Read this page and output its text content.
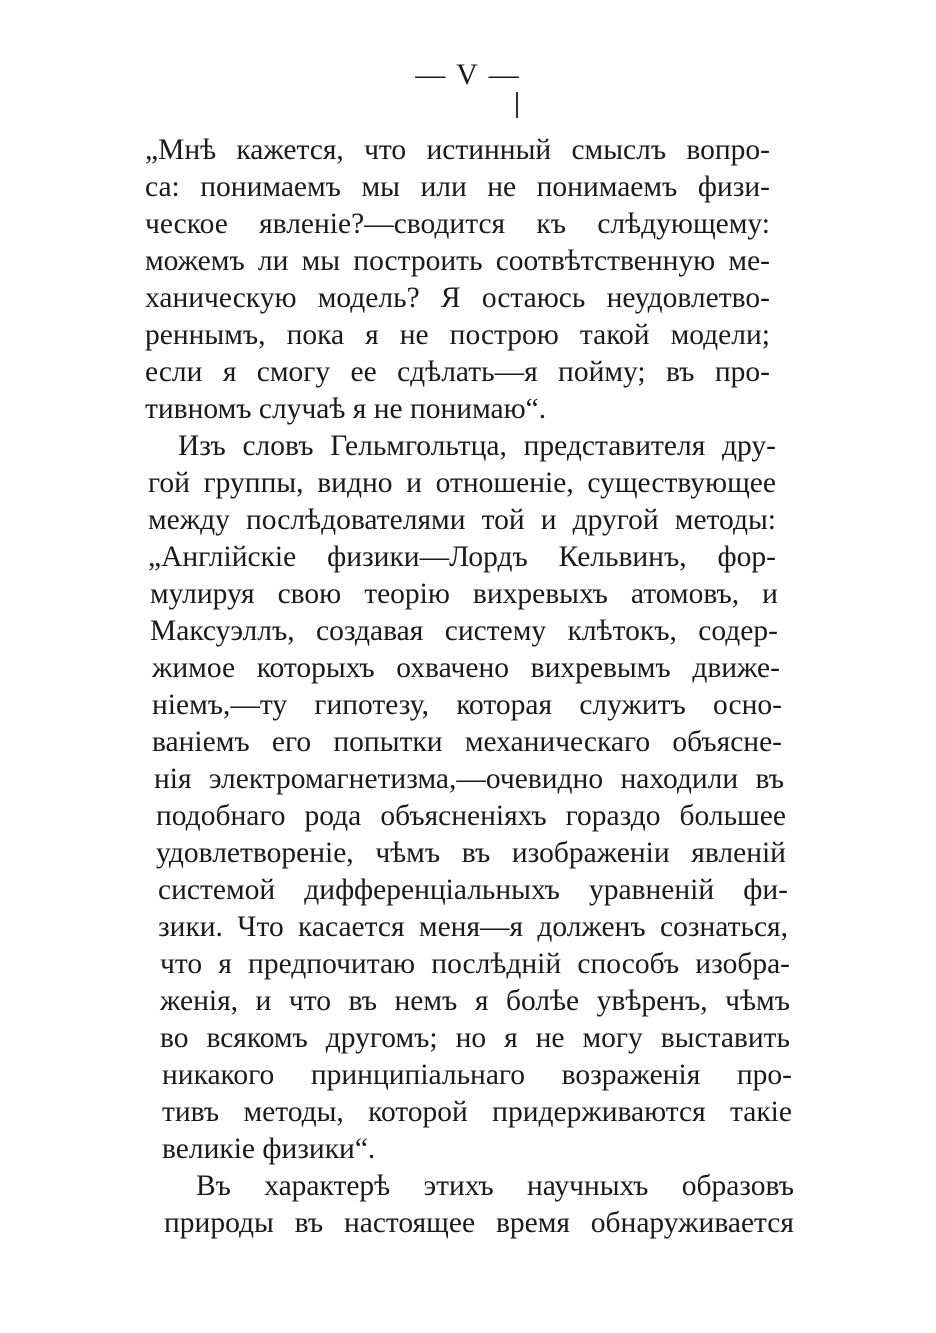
— V —
„Мнѣ кажется, что истинный смыслъ вопро-
са: понимаемъ мы или не понимаемъ физи-
ческое явленіе?—сводится къ слѣдующему:
можемъ ли мы построить соотвѣтственную ме-
ханическую модель? Я остаюсь неудовлетво-
реннымъ, пока я не построю такой модели;
если я смогу ее сдѣлать—я пойму; въ про-
тивномъ случаѣ я не понимаю“.
Изъ словъ Гельмгольтца, представителя дру-
гой группы, видно и отношеніе, существующее
между послѣдователями той и другой методы:
„Англійскіе физики—Лордъ Кельвинъ, фор-
мулируя свою теорію вихревыхъ атомовъ, и
Максуэллъ, создавая систему клѣтокъ, содер-
жимое которыхъ охвачено вихревымъ движе-
ніемъ,—ту гипотезу, которая служитъ осно-
ваніемъ его попытки механическаго объясне-
нія электромагнетизма,—очевидно находили въ
подобнаго рода объясненіяхъ гораздо большее
удовлетвореніе, чѣмъ въ изображеніи явленій
системой дифференціальныхъ уравненій фи-
зики. Что касается меня—я долженъ сознаться,
что я предпочитаю послѣдній способъ изобра-
женія, и что въ немъ я болѣе увѣренъ, чѣмъ
во всякомъ другомъ; но я не могу выставить
никакого принципіальнаго возраженія про-
тивъ методы, которой придерживаются такіе
великіе физики“.
Въ характерѣ этихъ научныхъ образовъ
природы въ настоящее время обнаруживается
